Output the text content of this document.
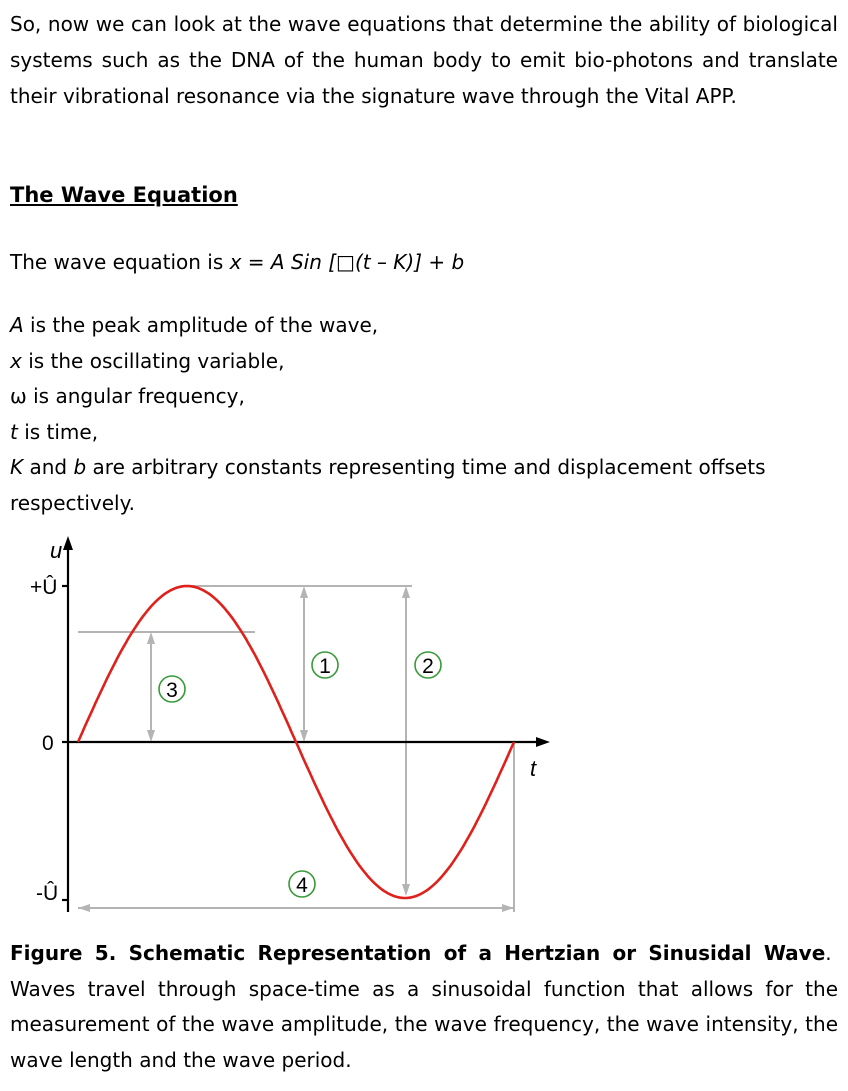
So, now we can look at the wave equations that determine the ability of biological systems such as the DNA of the human body to emit bio-photons and translate their vibrational resonance via the signature wave through the Vital APP.

The Wave Equation

The wave equation is x = A Sin [□(t – K)] + b

A is the peak amplitude of the wave,
x is the oscillating variable,
ω is angular frequency,
t is time,
K and b are arbitrary constants representing time and displacement offsets respectively.
u
t
+Û
0
-Û
1	2
3
4

Figure 5. Schematic Representation of a Hertzian or Sinusidal Wave.  Waves travel through space-time as a sinusoidal function that allows for the measurement of the wave amplitude, the wave frequency, the wave intensity, the wave length and the wave period.
